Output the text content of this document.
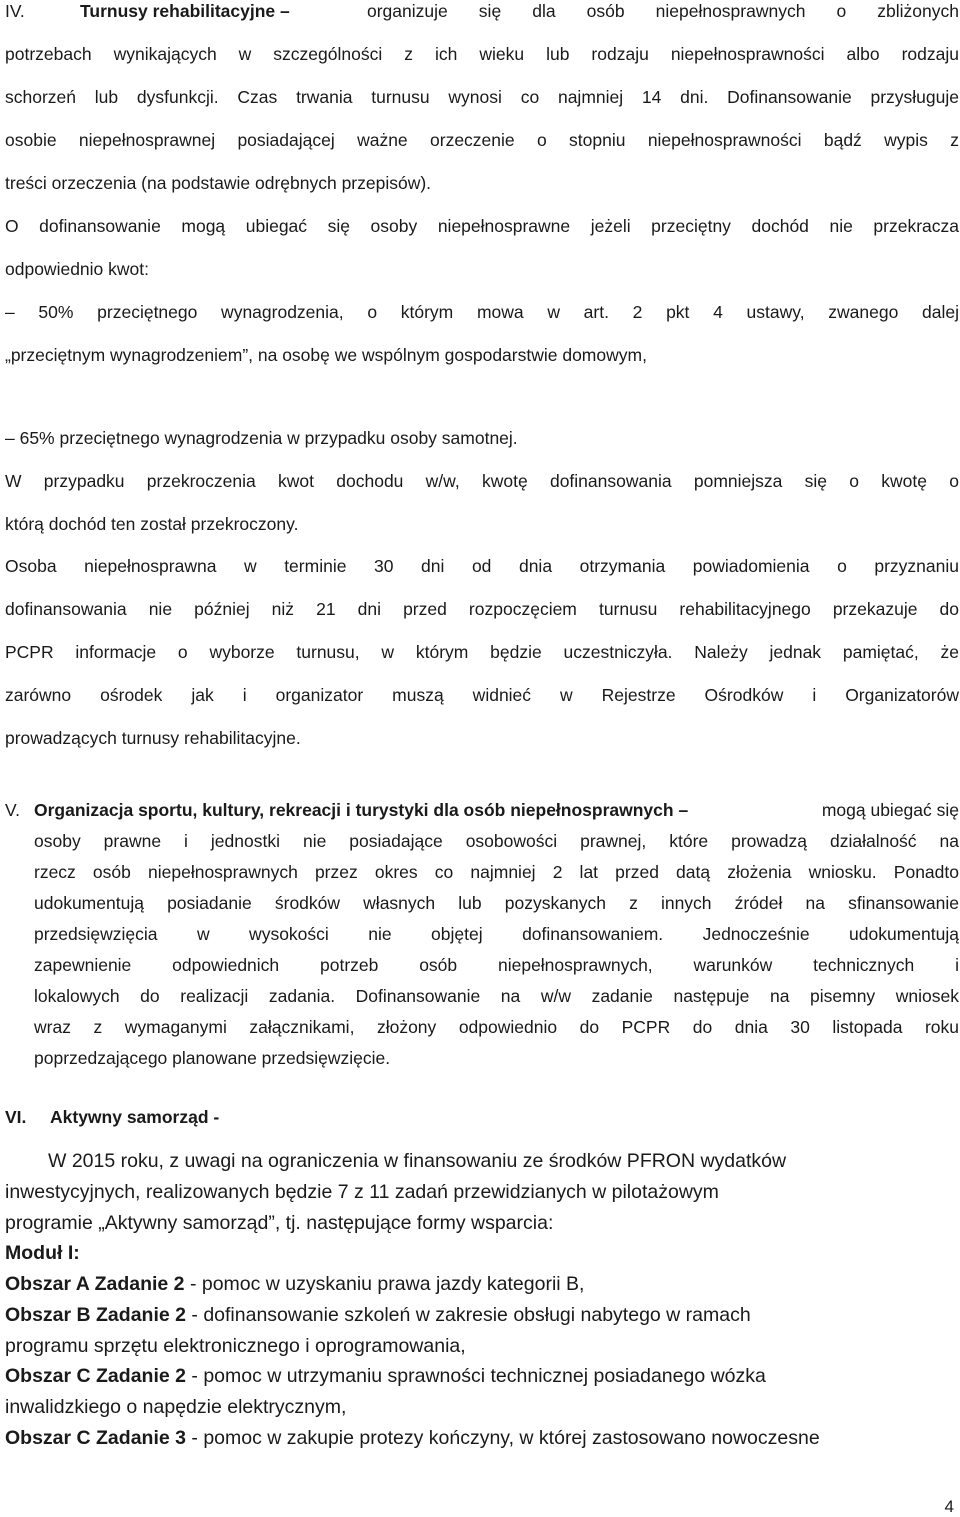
IV.	Turnusy rehabilitacyjne –	organizuje się dla osób niepełnosprawnych o zbliżonych
potrzebach wynikających w szczególności z ich wieku lub rodzaju niepełnosprawności albo rodzaju
schorzeń lub dysfunkcji. Czas trwania turnusu wynosi co najmniej 14 dni. Dofinansowanie przysługuje
osobie niepełnosprawnej posiadającej ważne orzeczenie o stopniu niepełnosprawności bądź wypis z
treści orzeczenia (na podstawie odrębnych przepisów).
O dofinansowanie mogą ubiegać się osoby niepełnosprawne jeżeli przeciętny dochód nie przekracza
odpowiednio kwot:
– 50% przeciętnego wynagrodzenia, o którym mowa w art. 2 pkt 4 ustawy, zwanego dalej
„przeciętnym wynagrodzeniem”, na osobę we wspólnym gospodarstwie domowym,
– 65% przeciętnego wynagrodzenia w przypadku osoby samotnej.
W przypadku przekroczenia kwot dochodu w/w, kwotę dofinansowania pomniejsza się o kwotę o
którą dochód ten został przekroczony.
Osoba niepełnosprawna w terminie 30 dni od dnia otrzymania powiadomienia o przyznaniu
dofinansowania nie później niż 21 dni przed rozpoczęciem turnusu rehabilitacyjnego przekazuje do
PCPR informacje o wyborze turnusu, w którym będzie uczestniczyła. Należy jednak pamiętać, że
zarówno ośrodek jak i organizator muszą widnieć w Rejestrze Ośrodków i Organizatorów
prowadzących turnusy rehabilitacyjne.
V. Organizacja sportu, kultury, rekreacji i turystyki dla osób niepełnosprawnych –	mogą ubiegać się
osoby prawne i jednostki nie posiadające osobowości prawnej, które prowadzą działalność na
rzecz osób niepełnosprawnych przez okres co najmniej 2 lat przed datą złożenia wniosku. Ponadto
udokumentują posiadanie środków własnych lub pozyskanych z innych źródeł na sfinansowanie
przedsięwzięcia w wysokości nie objętej dofinansowaniem. Jednocześnie udokumentują
zapewnienie odpowiednich potrzeb osób niepełnosprawnych, warunków technicznych i
lokalowych do realizacji zadania. Dofinansowanie na w/w zadanie następuje na pisemny wniosek
wraz z wymaganymi załącznikami, złożony odpowiednio do PCPR do dnia 30 listopada roku
poprzedzającego planowane przedsięwzięcie.
VI. Aktywny samorząd -
W 2015 roku, z uwagi na ograniczenia w finansowaniu ze środków PFRON wydatków
inwestycyjnych, realizowanych będzie 7 z 11 zadań przewidzianych w pilotażowym
programie „Aktywny samorząd”, tj. następujące formy wsparcia:
Moduł I:
Obszar A Zadanie 2 - pomoc w uzyskaniu prawa jazdy kategorii B,
Obszar B Zadanie 2 - dofinansowanie szkoleń w zakresie obsługi nabytego w ramach
programu sprzętu elektronicznego i oprogramowania,
Obszar C Zadanie 2 - pomoc w utrzymaniu sprawności technicznej posiadanego wózka
inwalidzkiego o napędzie elektrycznym,
Obszar C Zadanie 3 - pomoc w zakupie protezy kończyny, w której zastosowano nowoczesne
4
